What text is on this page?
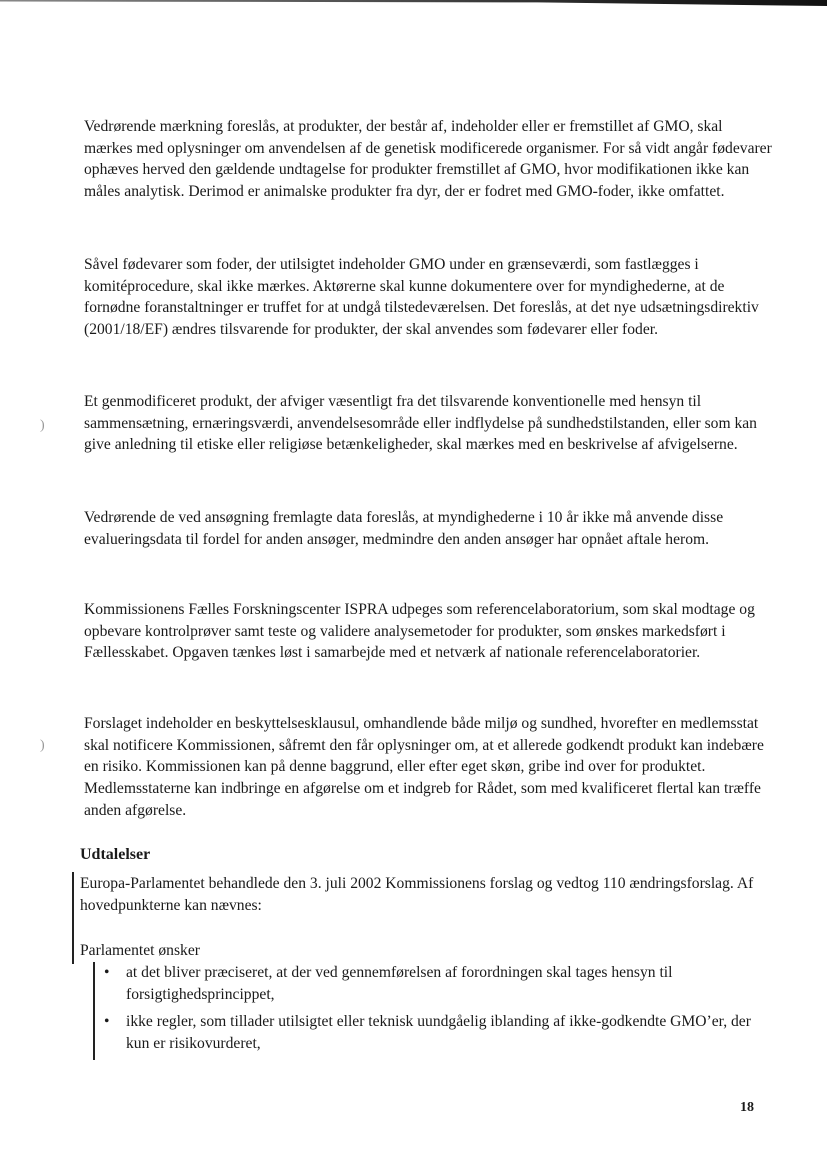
Vedrørende mærkning foreslås, at produkter, der består af, indeholder eller er fremstillet af GMO, skal mærkes med oplysninger om anvendelsen af de genetisk modificerede organismer. For så vidt angår fødevarer ophæves herved den gældende undtagelse for produkter fremstillet af GMO, hvor modifikationen ikke kan måles analytisk. Derimod er animalske produkter fra dyr, der er fodret med GMO-foder, ikke omfattet.

Såvel fødevarer som foder, der utilsigtet indeholder GMO under en grænseværdi, som fastlægges i komitéprocedure, skal ikke mærkes. Aktørerne skal kunne dokumentere over for myndighederne, at de fornødne foranstaltninger er truffet for at undgå tilstedeværelsen. Det foreslås, at det nye udsætningsdirektiv (2001/18/EF) ændres tilsvarende for produkter, der skal anvendes som fødevarer eller foder.

Et genmodificeret produkt, der afviger væsentligt fra det tilsvarende konventionelle med hensyn til sammensætning, ernæringsværdi, anvendelsesområde eller indflydelse på sundhedstilstanden, eller som kan give anledning til etiske eller religiøse betænkeligheder, skal mærkes med en beskrivelse af afvigelserne.

Vedrørende de ved ansøgning fremlagte data foreslås, at myndighederne i 10 år ikke må anvende disse evalueringsdata til fordel for anden ansøger, medmindre den anden ansøger har opnået aftale herom.

Kommissionens Fælles Forskningscenter ISPRA udpeges som referencelaboratorium, som skal modtage og opbevare kontrolprøver samt teste og validere analysemetoder for produkter, som ønskes markedsført i Fællesskabet. Opgaven tænkes løst i samarbejde med et netværk af nationale referencelaboratorier.

Forslaget indeholder en beskyttelsesklausul, omhandlende både miljø og sundhed, hvorefter en medlemsstat skal notificere Kommissionen, såfremt den får oplysninger om, at et allerede godkendt produkt kan indebære en risiko. Kommissionen kan på denne baggrund, eller efter eget skøn, gribe ind over for produktet. Medlemsstaterne kan indbringe en afgørelse om et indgreb for Rådet, som med kvalificeret flertal kan træffe anden afgørelse.

Udtalelser

Europa-Parlamentet behandlede den 3. juli 2002 Kommissionens forslag og vedtog 110 ændringsforslag. Af hovedpunkterne kan nævnes:

Parlamentet ønsker

•	at det bliver præciseret, at der ved gennemførelsen af forordningen skal tages hensyn til forsigtighedsprincippet,
•	ikke regler, som tillader utilsigtet eller teknisk uundgåelig iblanding af ikke-godkendte GMO’er, der kun er risikovurderet,
18
)
)
